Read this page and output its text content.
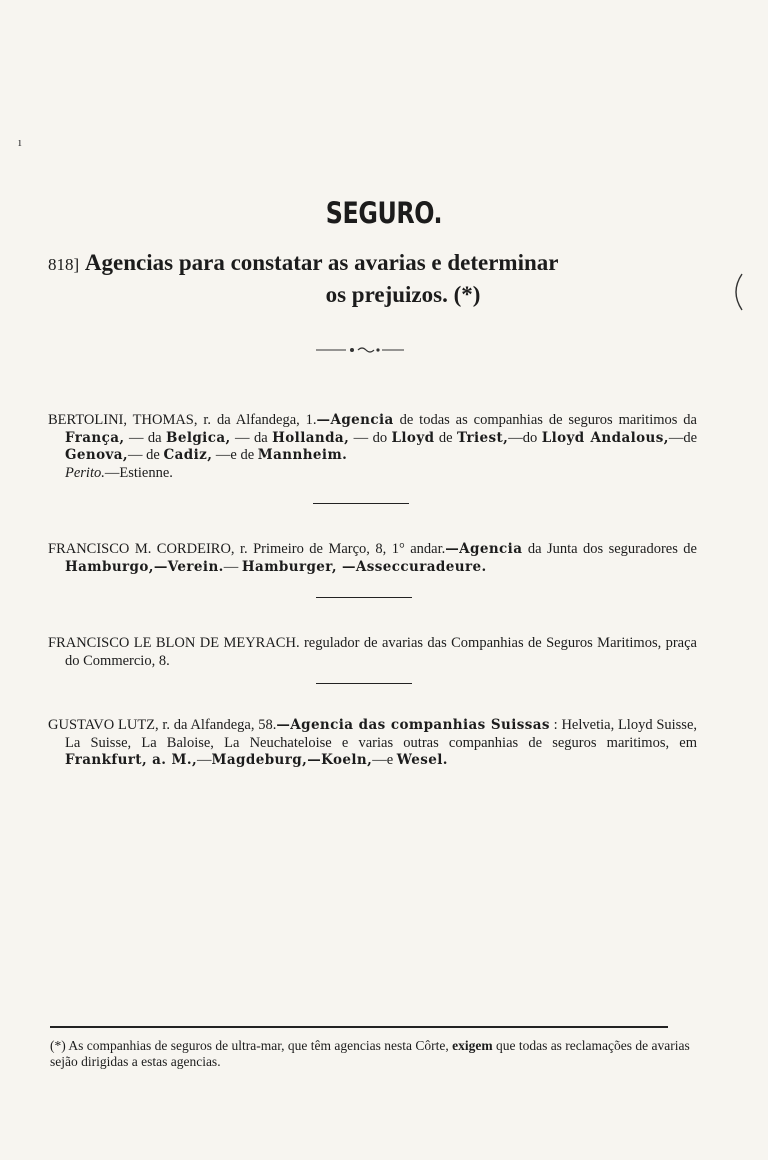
SEGURO.
818] Agencias para constatar as avarias e determinar
os prejuizos. (*)
BERTOLINI, THOMAS, r. da Alfandega, 1.—Agencia de todas as companhias de seguros maritimos da França, — da Belgica, — da Hollanda, — do Lloyd de Triest,—do Lloyd Andalous,—de Genova,— de Cadiz, —e de Mannheim.
Perito.—Estienne.
FRANCISCO M. CORDEIRO, r. Primeiro de Março, 8, 1° andar.—Agencia da Junta dos seguradores de Hamburgo,—Verein.— Hamburger, —Asseccuradeure.
FRANCISCO LE BLON DE MEYRACH. regulador de avarias das Companhias de Seguros Maritimos, praça do Commercio, 8.
GUSTAVO LUTZ, r. da Alfandega, 58.—Agencia das companhias Suissas : Helvetia, Lloyd Suisse, La Suisse, La Baloise, La Neuchateloise e varias outras companhias de seguros maritimos, em Frankfurt, a. M.,—Magdeburg,—Koeln,—e Wesel.
(*) As companhias de seguros de ultra-mar, que têm agencias nesta Côrte, exigem que todas as reclamações de avarias sejão dirigidas a estas agencias.
ı
